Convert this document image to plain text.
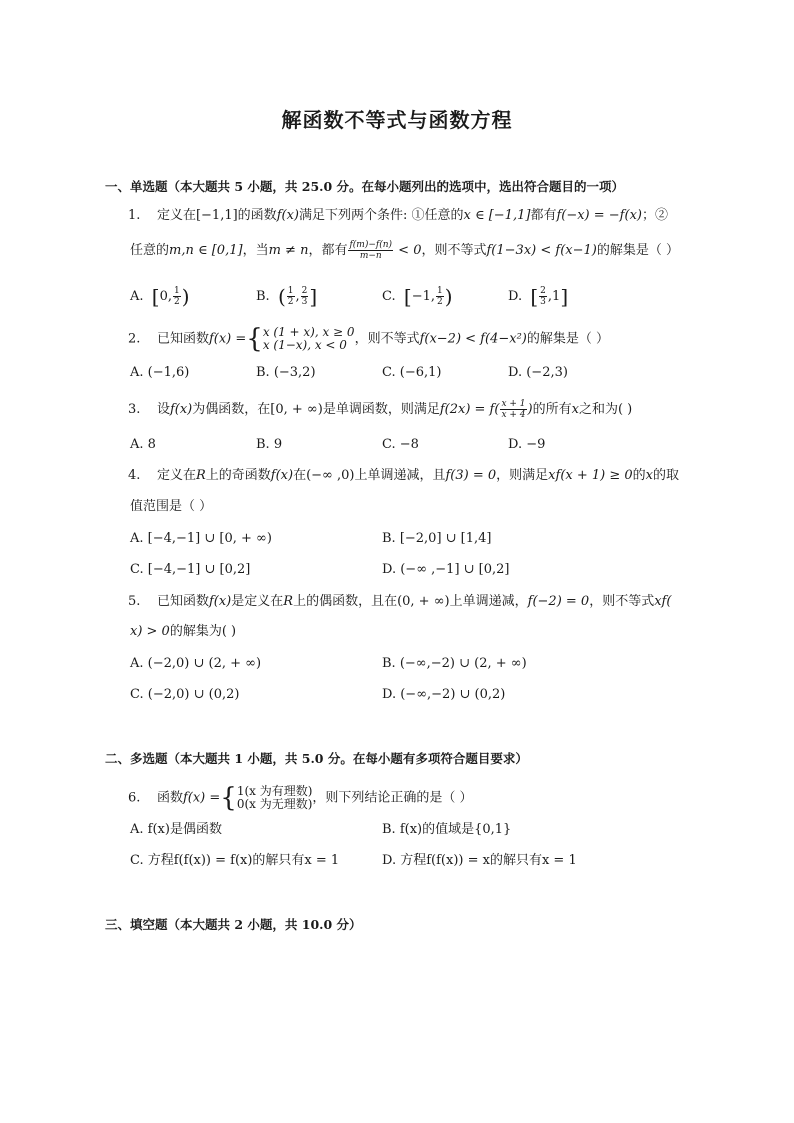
解函数不等式与函数方程
一、单选题（本大题共 5 小题，共 25.0 分。在每小题列出的选项中，选出符合题目的一项）
1. 定义在[−1,1]的函数f(x)满足下列两个条件: ①任意的x ∈ [−1,1]都有f(−x) = −f(x)；②
任意的m,n ∈ [0,1]，当m ≠ n，都有 $\frac{f(m)-f(n)}{m-n} < 0$，则不等式f(1−3x) < f(x−1)的解集是（ ）
A. [0, $\frac{1}{2}$ )	B. ( $\frac{1}{2}$ , $\frac{2}{3}$ ]	C. [−1, $\frac{1}{2}$ )	D. [ $\frac{2}{3} ,1$]
2. 已知函数f(x) ={ x (1 + x), x ≥ 0
x (1−x), x < 0 ，则不等式f(x−2) < f(4−x²)的解集是（ ）
A. (−1,6)	B. (−3,2)	C. (−6,1)	D. (−2,3)
3. 设f(x)为偶函数，在[0, + ∞)是单调函数，则满足$f(2x) = f( \frac{x + 1}{x + 4}$ )的所有x之和为( )
A. 8	B. 9	C. −8	D. −9
4. 定义在R上的奇函数f(x)在(−∞ ,0)上单调递减，且f(3) = 0，则满足xf(x + 1) ≥ 0的x的取
值范围是（ ）
A. [−4,−1] ∪ [0, + ∞)	B. [−2,0] ∪ [1,4]
C. [−4,−1] ∪ [0,2]	D. (−∞ ,−1] ∪ [0,2]
5. 已知函数f(x)是定义在R上的偶函数，且在(0, + ∞)上单调递减，f(−2) = 0，则不等式xf(
x) > 0的解集为( )
A. (−2,0) ∪ (2, + ∞)	B. (−∞,−2) ∪ (2, + ∞)
C. (−2,0) ∪ (0,2)	D. (−∞,−2) ∪ (0,2)
二、多选题（本大题共 1 小题，共 5.0 分。在每小题有多项符合题目要求）
6. 函数f(x) ={ 1(x 为有理数)
0(x 为无理数) ，则下列结论正确的是（ ）
A. f(x)是偶函数	B. f(x)的值域是{0,1}
C. 方程f(f(x)) = f(x)的解只有x = 1	D. 方程f(f(x)) = x的解只有x = 1
三、填空题（本大题共 2 小题，共 10.0 分）
